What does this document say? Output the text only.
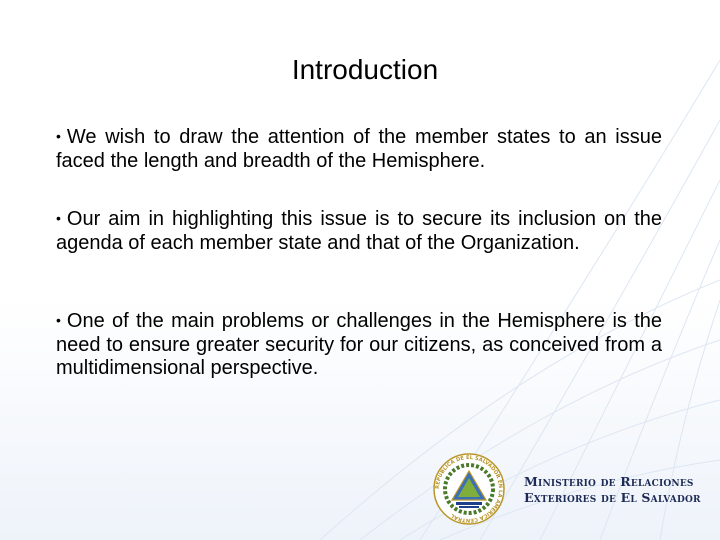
Introduction
• We wish to draw the attention of the member states to an issue faced the length and breadth of the Hemisphere.
• Our aim in highlighting this issue is to secure its inclusion on the agenda of each member state and that of the Organization.
• One of the main problems or challenges in the Hemisphere is the need to ensure greater security for our citizens, as conceived from a multidimensional perspective.
REPUBLICA DE EL SALVADOR EN LA AMERICA CENTRAL
Ministerio de Relaciones
Exteriores de El Salvador
